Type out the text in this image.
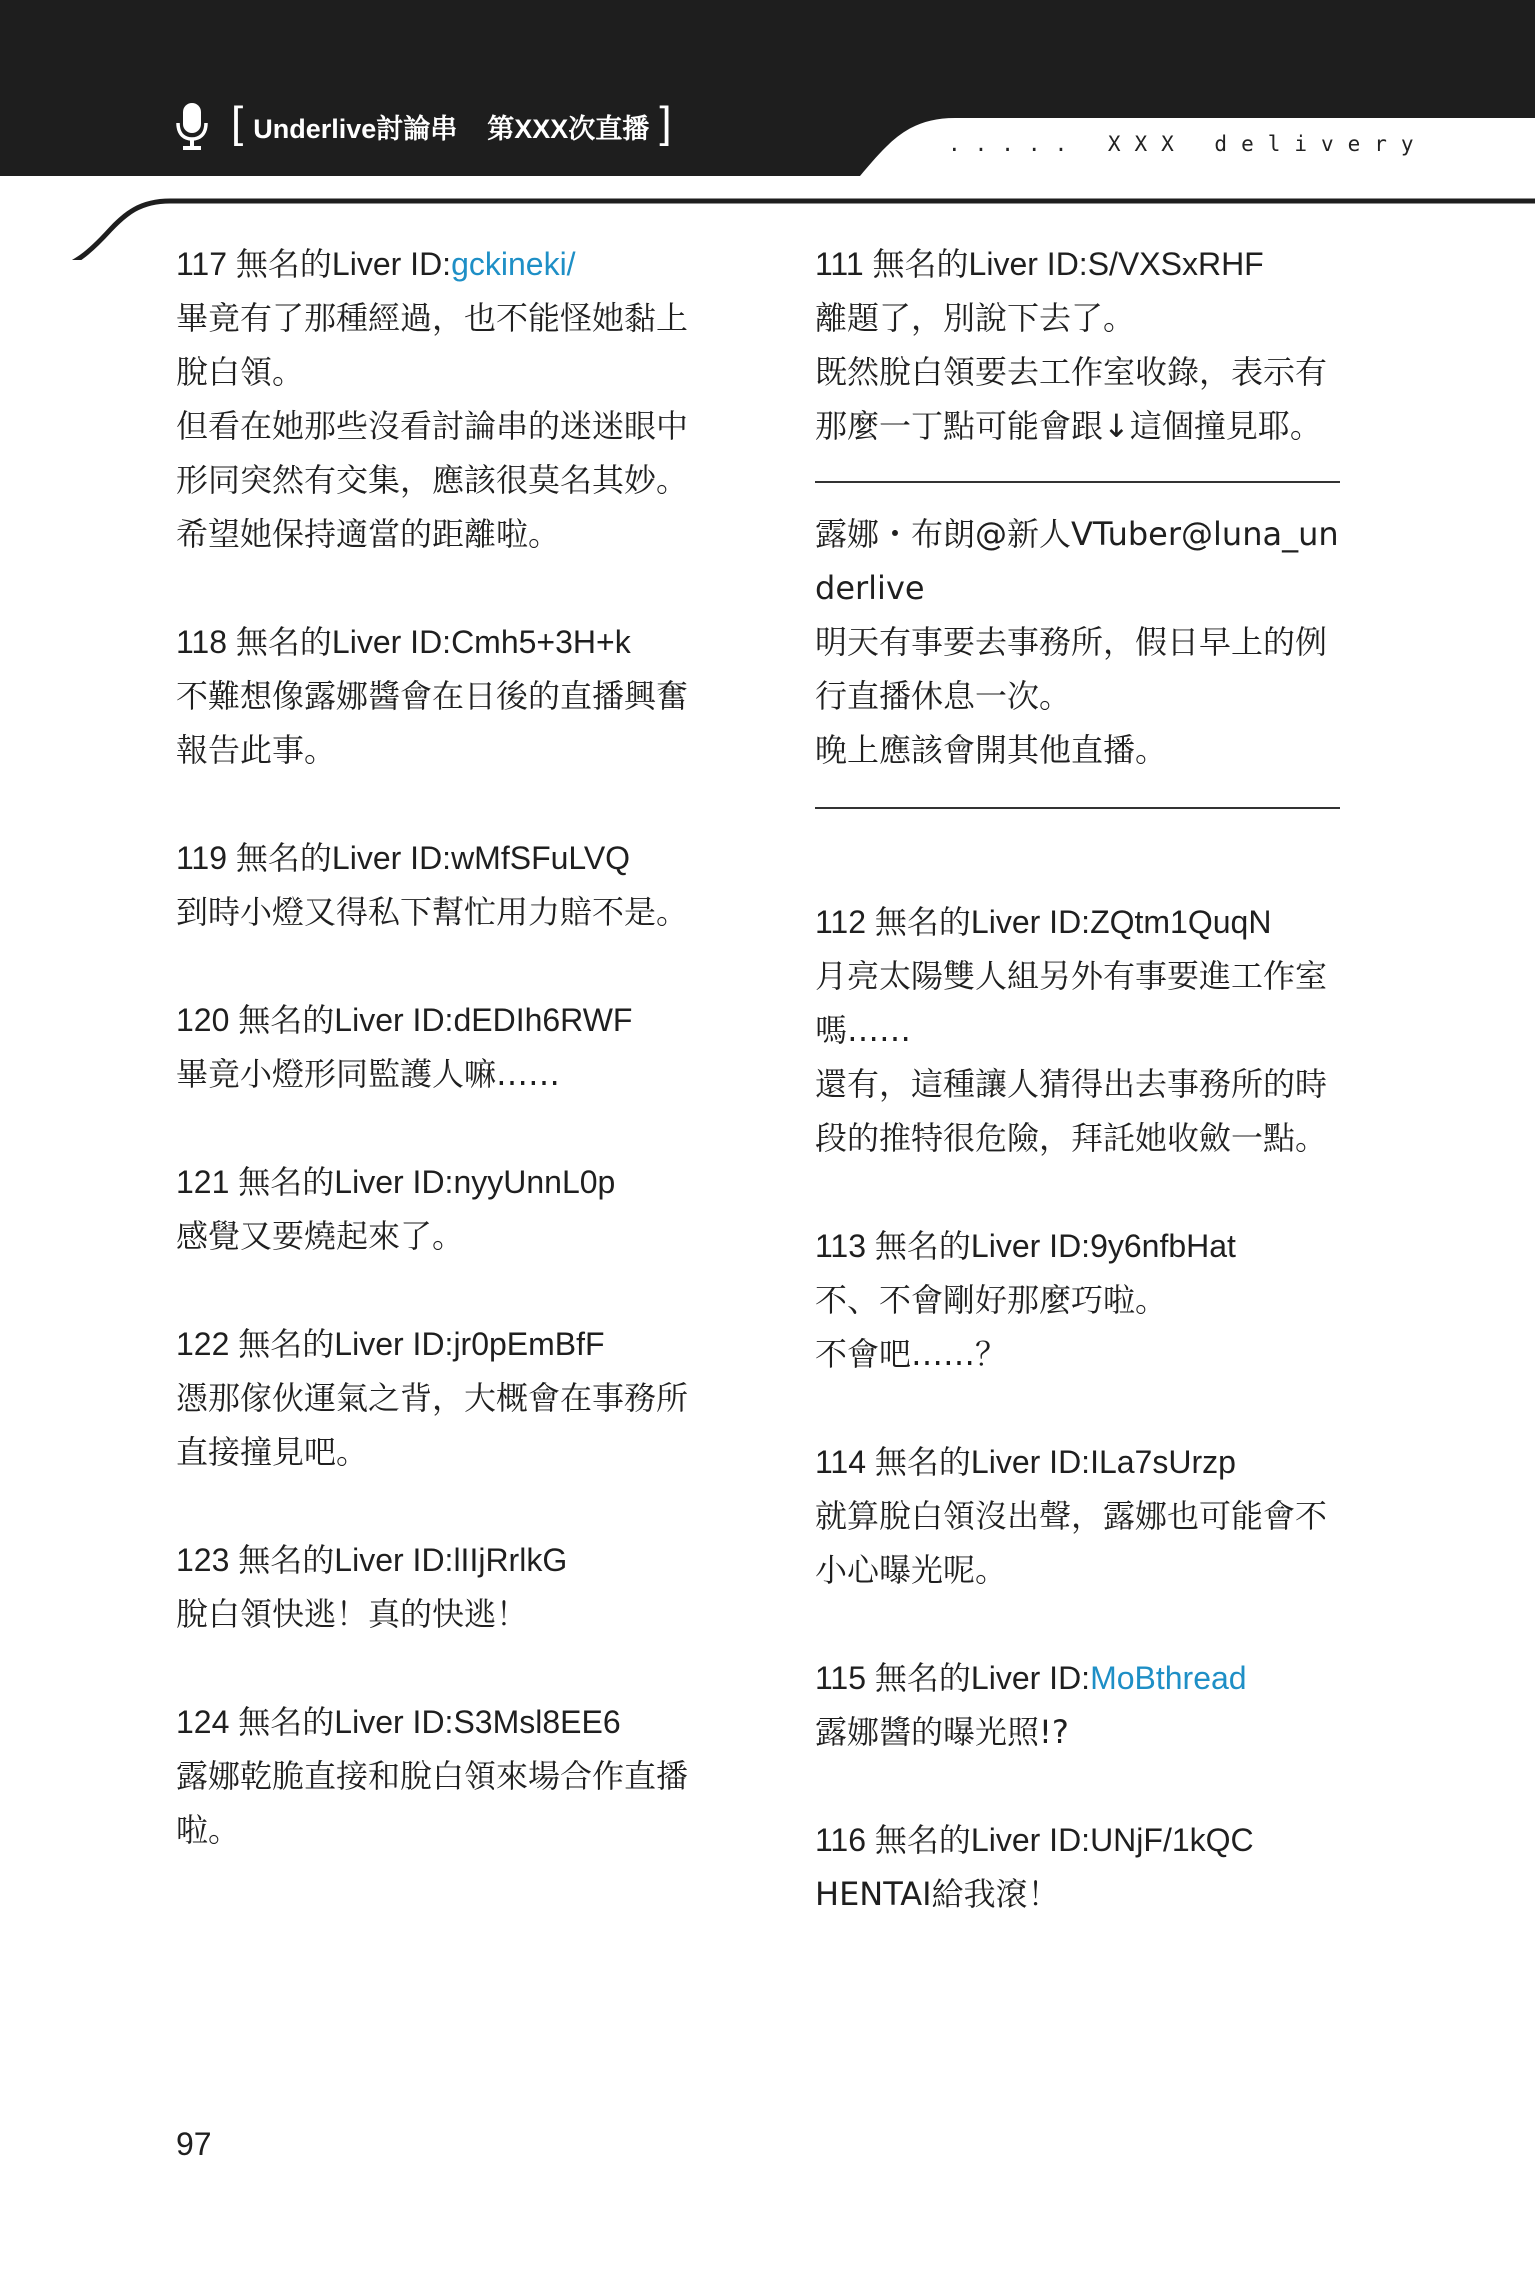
[ Underlive討論串 第XXX次直播 ]	..... XXX delivery
117 無名的Liver ID:gckineki/
畢竟有了那種經過，也不能怪她黏上脫白領。
但看在她那些沒看討論串的迷迷眼中形同突然有交集，應該很莫名其妙。
希望她保持適當的距離啦。
118 無名的Liver ID:Cmh5+3H+k
不難想像露娜醬會在日後的直播興奮報告此事。
119 無名的Liver ID:wMfSFuLVQ
到時小燈又得私下幫忙用力賠不是。
120 無名的Liver ID:dEDIh6RWF
畢竟小燈形同監護人嘛……
121 無名的Liver ID:nyyUnnL0p
感覺又要燒起來了。
122 無名的Liver ID:jr0pEmBfF
憑那傢伙運氣之背，大概會在事務所直接撞見吧。
123 無名的Liver ID:lIIjRrlkG
脫白領快逃！真的快逃！
124 無名的Liver ID:S3Msl8EE6
露娜乾脆直接和脫白領來場合作直播啦。
111 無名的Liver ID:S/VXSxRHF
離題了，別說下去了。
既然脫白領要去工作室收錄，表示有那麼一丁點可能會跟↓這個撞見耶。
露娜・布朗@新人VTuber@luna_underlive
明天有事要去事務所，假日早上的例行直播休息一次。
晚上應該會開其他直播。
112 無名的Liver ID:ZQtm1QuqN
月亮太陽雙人組另外有事要進工作室嗎……
還有，這種讓人猜得出去事務所的時段的推特很危險，拜託她收斂一點。
113 無名的Liver ID:9y6nfbHat
不、不會剛好那麼巧啦。
不會吧……？
114 無名的Liver ID:ILa7sUrzp
就算脫白領沒出聲，露娜也可能會不小心曝光呢。
115 無名的Liver ID:MoBthread
露娜醬的曝光照!?
116 無名的Liver ID:UNjF/1kQC
HENTAI給我滾！
97
